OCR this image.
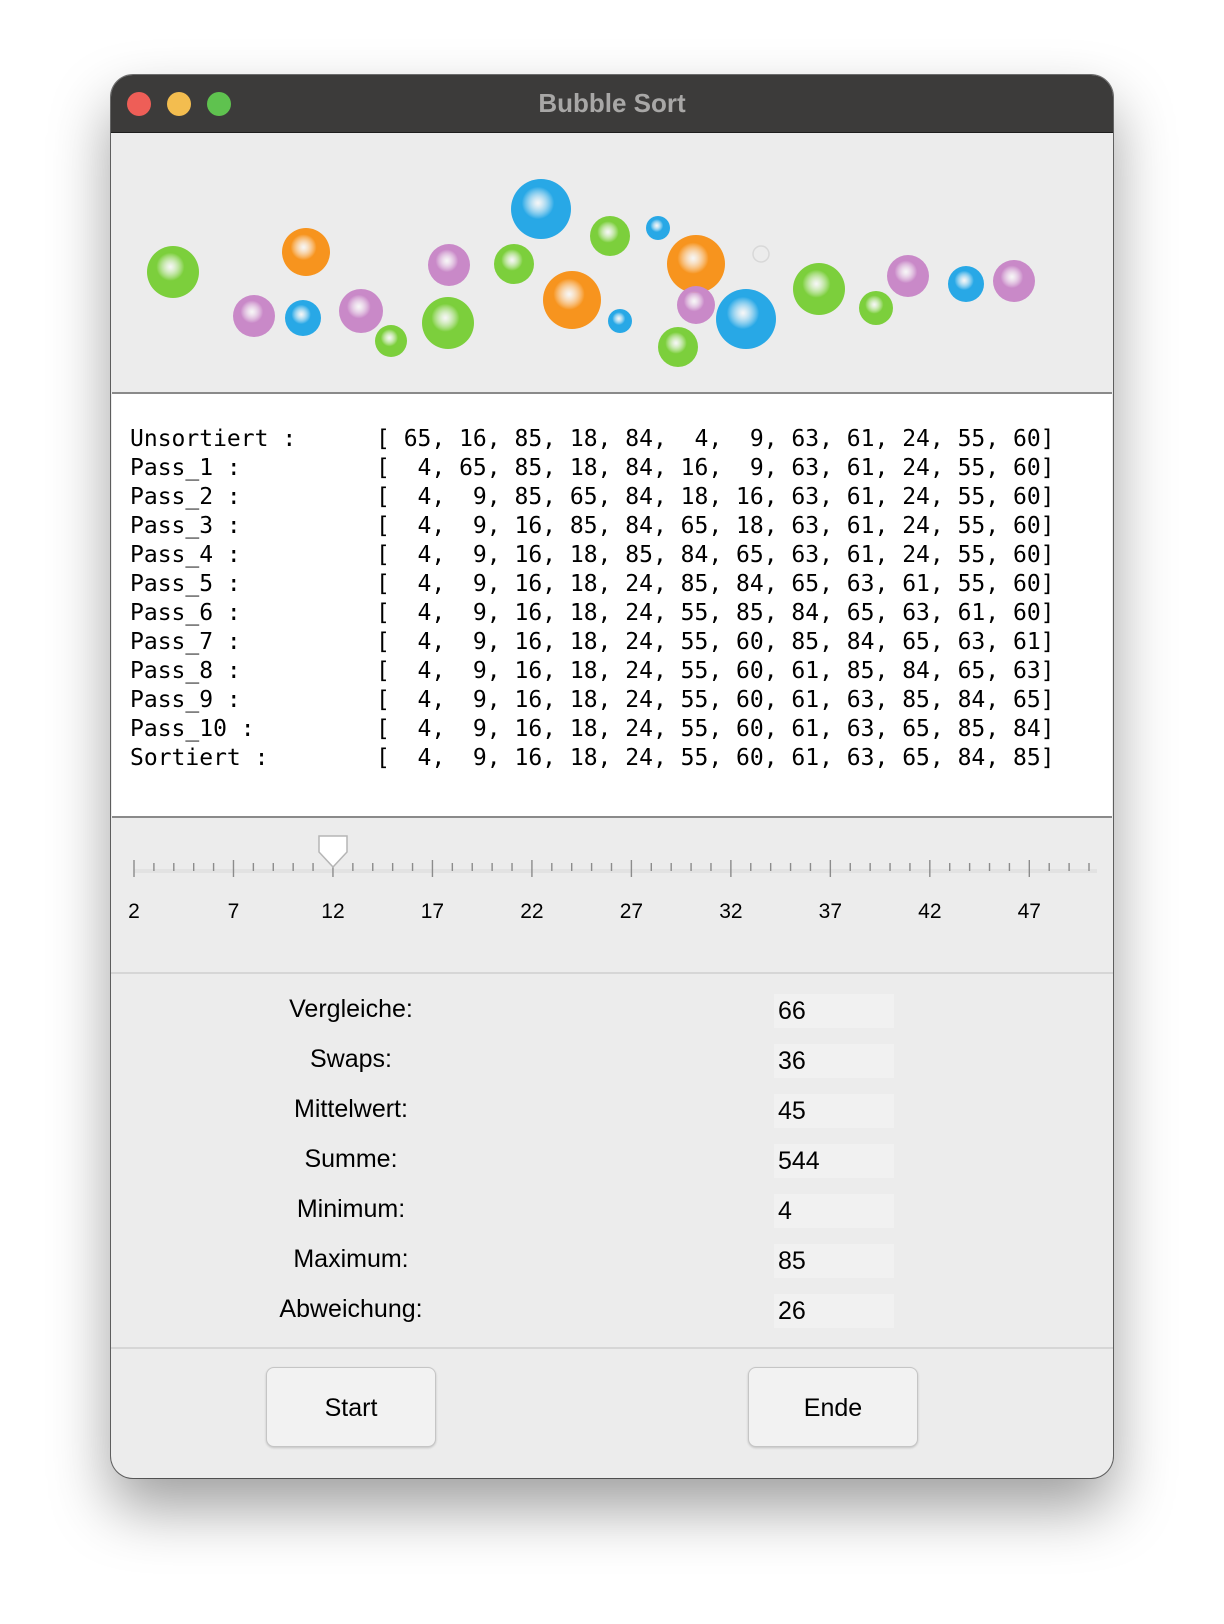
Bubble Sort

Unsortiert :

	[ 65, 16, 85, 18, 84,  4,  9, 63, 61, 24, 55, 60]

Pass_1 :

	[  4, 65, 85, 18, 84, 16,  9, 63, 61, 24, 55, 60]

Pass_2 :

	[  4,  9, 85, 65, 84, 18, 16, 63, 61, 24, 55, 60]

Pass_3 :

	[  4,  9, 16, 85, 84, 65, 18, 63, 61, 24, 55, 60]

Pass_4 :

	[  4,  9, 16, 18, 85, 84, 65, 63, 61, 24, 55, 60]

Pass_5 :

	[  4,  9, 16, 18, 24, 85, 84, 65, 63, 61, 55, 60]

Pass_6 :

	[  4,  9, 16, 18, 24, 55, 85, 84, 65, 63, 61, 60]

Pass_7 :

	[  4,  9, 16, 18, 24, 55, 60, 85, 84, 65, 63, 61]

Pass_8 :

	[  4,  9, 16, 18, 24, 55, 60, 61, 85, 84, 65, 63]

Pass_9 :

	[  4,  9, 16, 18, 24, 55, 60, 61, 63, 85, 84, 65]

Pass_10 :

	[  4,  9, 16, 18, 24, 55, 60, 61, 63, 65, 85, 84]

Sortiert :

	[  4,  9, 16, 18, 24, 55, 60, 61, 63, 65, 84, 85]

2	7	12	17	22	27	32	37	42	47
Vergleiche:	66
Swaps:	36
Mittelwert:	45
Summe:	544
Minimum:	4
Maximum:	85
Abweichung:	26
Start	Ende
